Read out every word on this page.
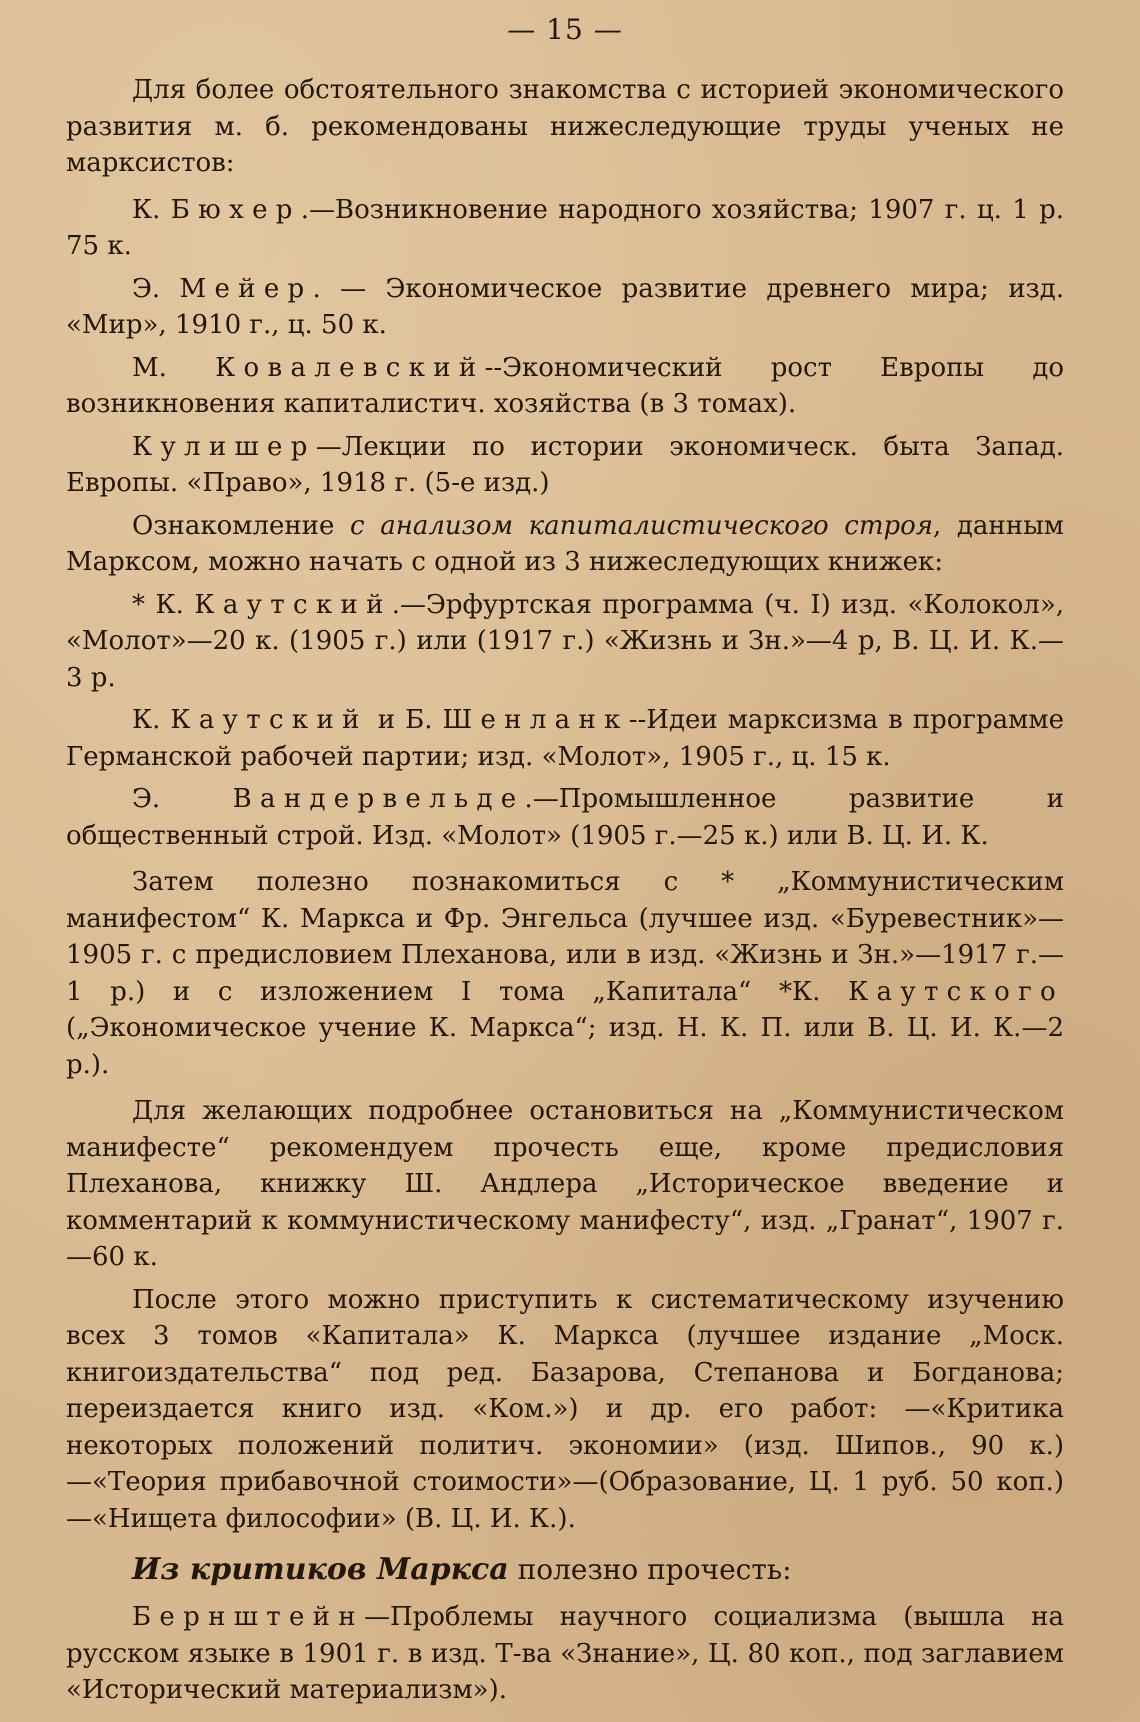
— 15 —

Для более обстоятельного знакомства с историей экономического развития м. б. рекомендованы нижеследующие труды ученых не марксистов:

К. Бюхер.—Возникновение народного хозяйства; 1907 г. ц. 1 р. 75 к.

Э. Мейер. — Экономическое развитие древнего мира; изд. «Мир», 1910 г., ц. 50 к.

М. Ковалевский--Экономический рост Европы до возникновения капиталистич. хозяйства (в 3 томах).

Кулишер—Лекции по истории экономическ. быта Запад. Европы. «Право», 1918 г. (5-е изд.)

Ознакомление с анализом капиталистического строя, данным Марксом, можно начать с одной из 3 нижеследующих книжек:

* К. Каутский.—Эрфуртская программа (ч. I) изд. «Колокол», «Молот»—20 к. (1905 г.) или (1917 г.) «Жизнь и Зн.»—4 р, В. Ц. И. К.—3 р.

К. Каутский и Б. Шенланк--Идеи марксизма в программе Германской рабочей партии; изд. «Молот», 1905 г., ц. 15 к.

Э. Вандервельде.—Промышленное развитие и общественный строй. Изд. «Молот» (1905 г.—25 к.) или В. Ц. И. К.

Затем полезно познакомиться с * „Коммунистическим манифестом“ К. Маркса и Фр. Энгельса (лучшее изд. «Буревестник»—1905 г. с предисловием Плеханова, или в изд. «Жизнь и Зн.»—1917 г.—1 р.) и с изложением I тома „Капитала“ *К. Каутского („Экономическое учение К. Маркса“; изд. Н. К. П. или В. Ц. И. К.—2 р.).

Для желающих подробнее остановиться на „Коммунистическом манифесте“ рекомендуем прочесть еще, кроме предисловия Плеханова, книжку Ш. Андлера „Историческое введение и комментарий к коммунистическому манифесту“, изд. „Гранат“, 1907 г.—60 к.

После этого можно приступить к систематическому изучению всех 3 томов «Капитала» К. Маркса (лучшее издание „Моск. книгоиздательства“ под ред. Базарова, Степанова и Богданова; переиздается книго изд. «Ком.») и др. его работ: —«Критика некоторых положений политич. экономии» (изд. Шипов., 90 к.)—«Теория прибавочной стоимости»—(Образование, Ц. 1 руб. 50 коп.)—«Нищета философии» (В. Ц. И. К.).

Из критиков Маркса полезно прочесть:

Бернштейн—Проблемы научного социализма (вышла на русском языке в 1901 г. в изд. Т-ва «Знание», Ц. 80 коп., под заглавием «Исторический материализм»).
